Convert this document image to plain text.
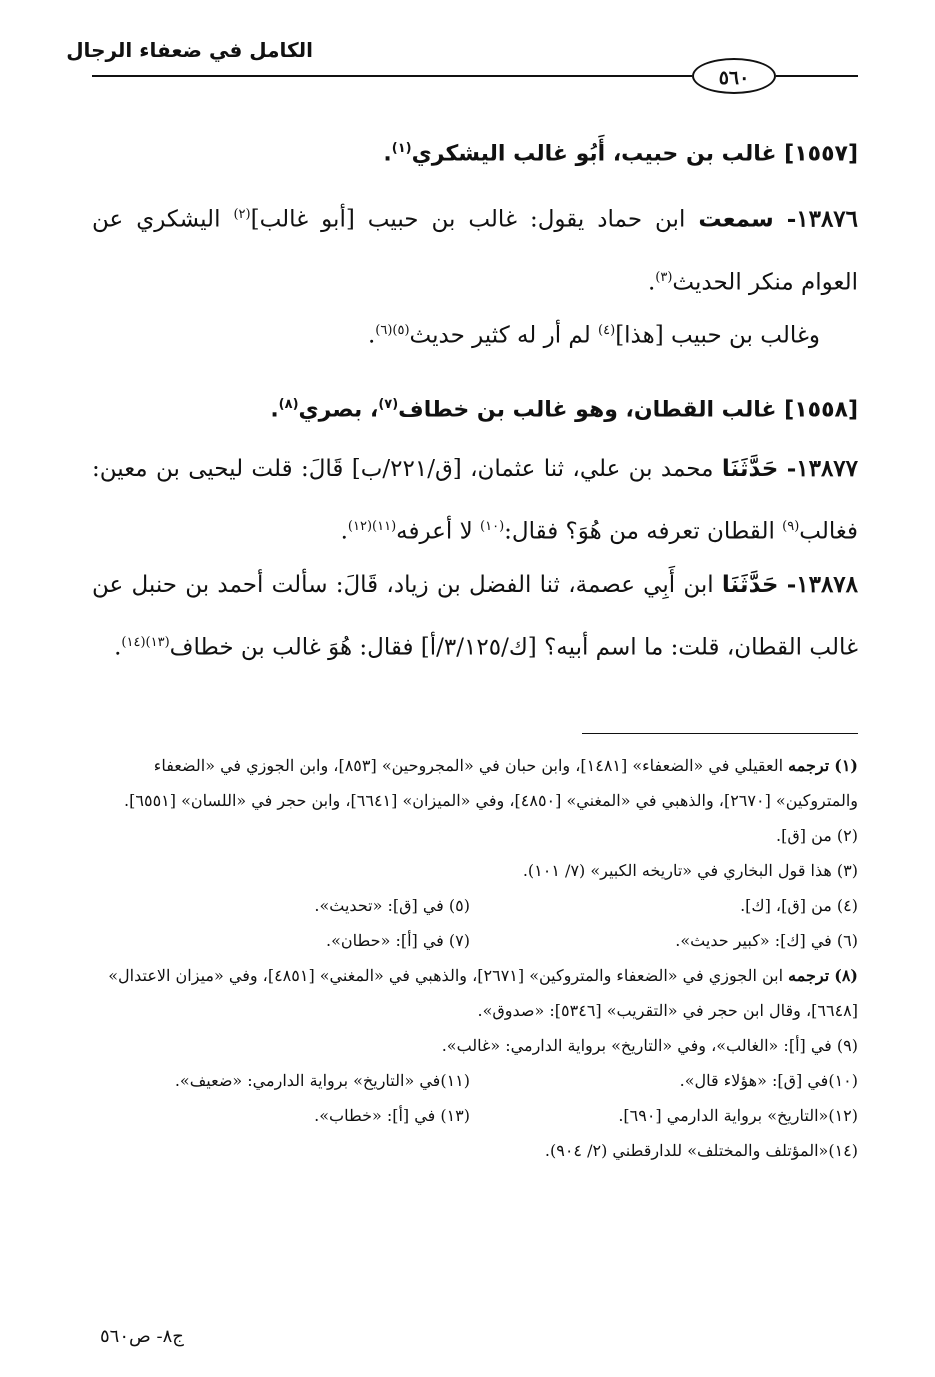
الكامل في ضعفاء الرجال
٥٦٠
[١٥٥٧] غالب بن حبيب، أَبُو غالب اليشكري$^{(١)}$.
١٣٨٧٦- سمعت ابن حماد يقول: غالب بن حبيب [أبو غالب]$^{(٢)}$ اليشكري عن العوام منكر الحديث$^{(٣)}$.
وغالب بن حبيب [هذا]$^{(٤)}$ لم أر له كثير حديث$^{(٥)(٦)}$.
[١٥٥٨] غالب القطان، وهو غالب بن خطاف$^{(٧)}$، بصري$^{(٨)}$.
١٣٨٧٧- حَدَّثَنَا محمد بن علي، ثنا عثمان، [ق/٢٢١/ب] قَالَ: قلت ليحيى بن معين: فغالب$^{(٩)}$ القطان تعرفه من هُوَ؟ فقال:$^{(١٠)}$ لا أعرفه$^{(١١)(١٢)}$.
١٣٨٧٨- حَدَّثَنَا ابن أَبِي عصمة، ثنا الفضل بن زياد، قَالَ: سألت أحمد بن حنبل عن غالب القطان، قلت: ما اسم أبيه؟ [ك/٣/١٢٥/أ] فقال: هُوَ غالب بن خطاف$^{(١٣)(١٤)}$.
(١) ترجمه العقيلي في «الضعفاء» [١٤٨١]، وابن حبان في «المجروحين» [٨٥٣]، وابن الجوزي في «الضعفاء والمتروكين» [٢٦٧٠]، والذهبي في «المغني» [٤٨٥٠]، وفي «الميزان» [٦٦٤١]، وابن حجر في «اللسان» [٦٥٥١].
(٢) من [ق].
(٣) هذا قول البخاري في «تاريخه الكبير» (٧/ ١٠١).
(٤) من [ق]، [ك].
(٥) في [ق]: «تحديث».
(٦) في [ك]: «كبير حديث».
(٧) في [أ]: «حطان».
(٨) ترجمه ابن الجوزي في «الضعفاء والمتروكين» [٢٦٧١]، والذهبي في «المغني» [٤٨٥١]، وفي «ميزان الاعتدال» [٦٦٤٨]، وقال ابن حجر في «التقريب» [٥٣٤٦]: «صدوق».
(٩) في [أ]: «الغالب»، وفي «التاريخ» برواية الدارمي: «غالب».
(١٠)في [ق]: «هؤلاء قال».
(١١)في «التاريخ» برواية الدارمي: «ضعيف».
(١٢)«التاريخ» برواية الدارمي [٦٩٠].
(١٣) في [أ]: «خطاب».
(١٤)«المؤتلف والمختلف» للدارقطني (٢/ ٩٠٤).
ج٨- ص٥٦٠
